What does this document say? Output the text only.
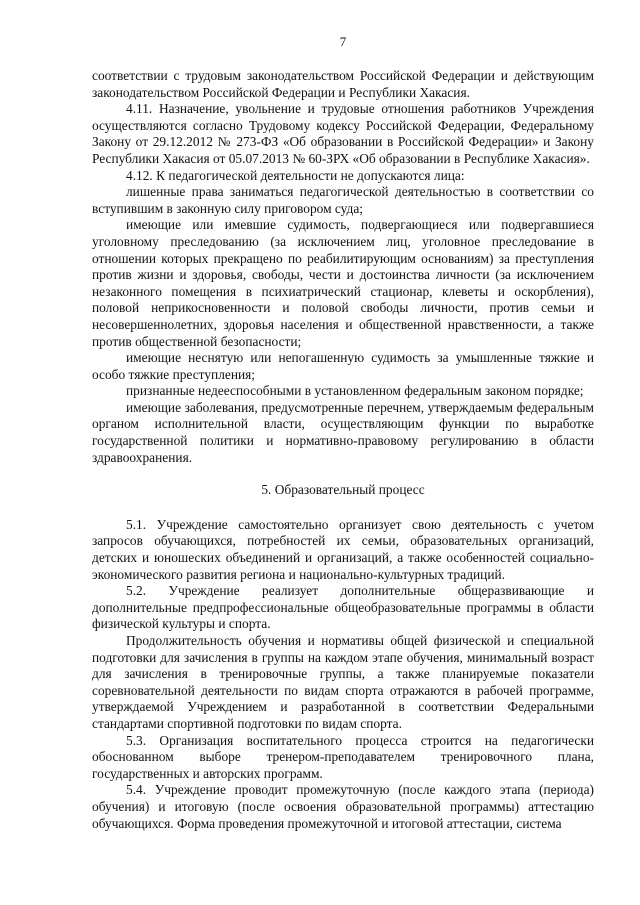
7

соответствии с трудовым законодательством Российской Федерации и действующим законодательством Российской Федерации и Республики Хакасия.

4.11. Назначение, увольнение и трудовые отношения работников Учреждения осуществляются согласно Трудовому кодексу Российской Федерации, Федеральному Закону от 29.12.2012 № 273-ФЗ «Об образовании в Российской Федерации» и Закону Республики Хакасия от 05.07.2013 № 60-ЗРХ «Об образовании в Республике Хакасия».

4.12. К педагогической деятельности не допускаются лица:

лишенные права заниматься педагогической деятельностью в соответствии со вступившим в законную силу приговором суда;

имеющие или имевшие судимость, подвергающиеся или подвергавшиеся уголовному преследованию (за исключением лиц, уголовное преследование в отношении которых прекращено по реабилитирующим основаниям) за преступления против жизни и здоровья, свободы, чести и достоинства личности (за исключением незаконного помещения в психиатрический стационар, клеветы и оскорбления), половой неприкосновенности и половой свободы личности, против семьи и несовершеннолетних, здоровья населения и общественной нравственности, а также против общественной безопасности;

имеющие неснятую или непогашенную судимость за умышленные тяжкие и особо тяжкие преступления;

признанные недееспособными в установленном федеральным законом порядке;

имеющие заболевания, предусмотренные перечнем, утверждаемым федеральным органом исполнительной власти, осуществляющим функции по выработке государственной политики и нормативно-правовому регулированию в области здравоохранения.

5. Образовательный процесс

5.1. Учреждение самостоятельно организует свою деятельность с учетом запросов обучающихся, потребностей их семьи, образовательных организаций, детских и юношеских объединений и организаций, а также особенностей социально-экономического развития региона и национально-культурных традиций.

5.2. Учреждение реализует дополнительные общеразвивающие и дополнительные предпрофессиональные общеобразовательные программы в области физической культуры и спорта.

Продолжительность обучения и нормативы общей физической и специальной подготовки для зачисления в группы на каждом этапе обучения, минимальный возраст для зачисления в тренировочные группы, а также планируемые показатели соревновательной деятельности по видам спорта отражаются в рабочей программе, утверждаемой Учреждением и разработанной в соответствии Федеральными стандартами спортивной подготовки по видам спорта.

5.3. Организация воспитательного процесса строится на педагогически обоснованном выборе тренером-преподавателем тренировочного плана, государственных и авторских программ.

5.4. Учреждение проводит промежуточную (после каждого этапа (периода) обучения) и итоговую (после освоения образовательной программы) аттестацию обучающихся. Форма проведения промежуточной и итоговой аттестации, система
